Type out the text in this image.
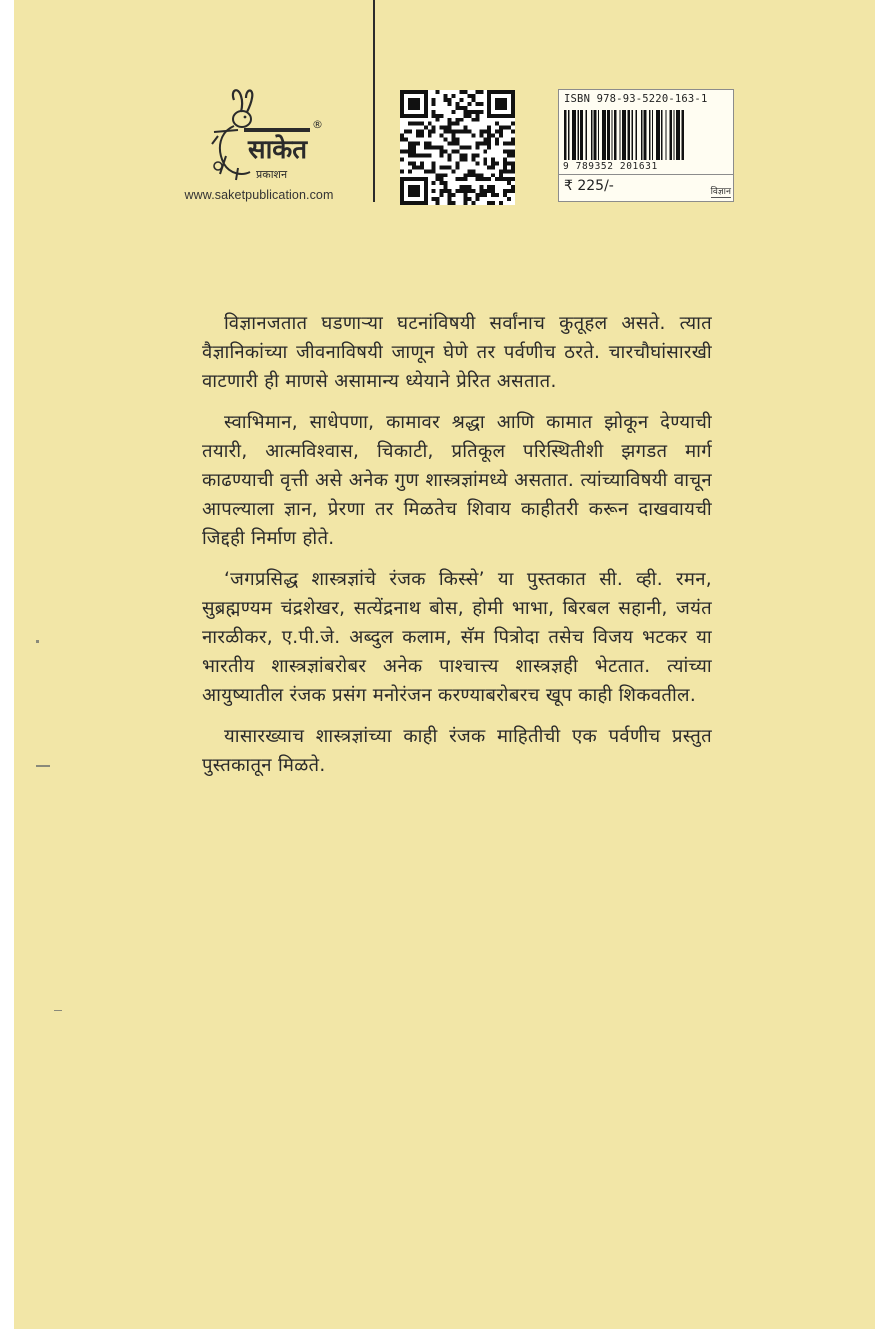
साकेत
प्रकाशन
®
www.saketpublication.com
ISBN 978-93-5220-163-1
9 789352 201631
₹ 225/-	विज्ञान

विज्ञानजतात घडणाऱ्या घटनांविषयी सर्वांनाच कुतूहल असते. त्यात वैज्ञानिकांच्या जीवनाविषयी जाणून घेणे तर पर्वणीच ठरते. चारचौघांसारखी वाटणारी ही माणसे असामान्य ध्येयाने प्रेरित असतात.

स्वाभिमान, साधेपणा, कामावर श्रद्धा आणि कामात झोकून देण्याची तयारी, आत्मविश्वास, चिकाटी, प्रतिकूल परिस्थितीशी झगडत मार्ग काढण्याची वृत्ती असे अनेक गुण शास्त्रज्ञांमध्ये असतात. त्यांच्याविषयी वाचून आपल्याला ज्ञान, प्रेरणा तर मिळतेच शिवाय काहीतरी करून दाखवायची जिद्दही निर्माण होते.

‘जगप्रसिद्ध शास्त्रज्ञांचे रंजक किस्से’ या पुस्तकात सी. व्ही. रमन, सुब्रह्मण्यम चंद्रशेखर, सत्येंद्रनाथ बोस, होमी भाभा, बिरबल सहानी, जयंत नारळीकर, ए.पी.जे. अब्दुल कलाम, सॅम पित्रोदा तसेच विजय भटकर या भारतीय शास्त्रज्ञांबरोबर अनेक पाश्चात्त्य शास्त्रज्ञही भेटतात. त्यांच्या आयुष्यातील रंजक प्रसंग मनोरंजन करण्याबरोबरच खूप काही शिकवतील.

यासारख्याच शास्त्रज्ञांच्या काही रंजक माहितीची एक पर्वणीच प्रस्तुत पुस्तकातून मिळते.
